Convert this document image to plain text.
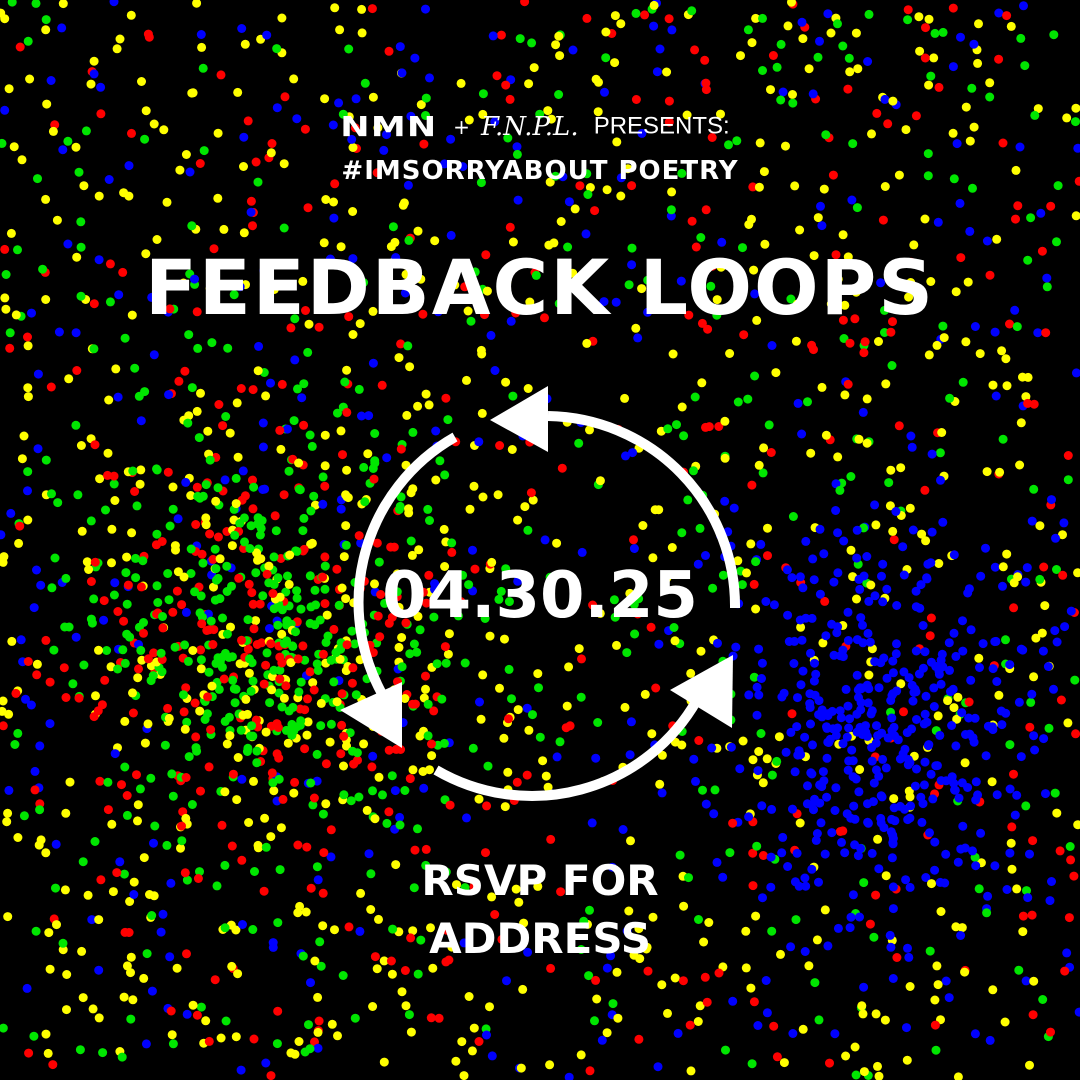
NMN + F.N.P.L. PRESENTS:
#IMSORRYABOUT POETRY
FEEDBACK LOOPS
04.30.25
RSVP FOR
ADDRESS
